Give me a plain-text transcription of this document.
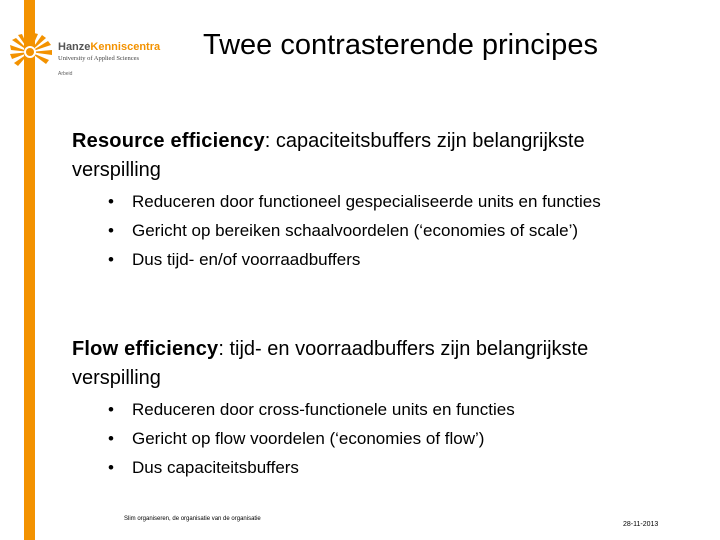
HanzeKenniscentra
University of Applied Sciences
Arbeid
Twee contrasterende principes

Resource efficiency: capaciteitsbuffers zijn belangrijkste verspilling

• Reduceren door functioneel gespecialiseerde units en functies
• Gericht op bereiken schaalvoordelen (‘economies of scale’)
• Dus tijd- en/of voorraadbuffers

Flow efficiency: tijd- en voorraadbuffers zijn belangrijkste verspilling

• Reduceren door cross-functionele units en functies
• Gericht op flow voordelen (‘economies of flow’)
• Dus capaciteitsbuffers
Slim organiseren, de organisatie van de organisatie
28-11-2013
